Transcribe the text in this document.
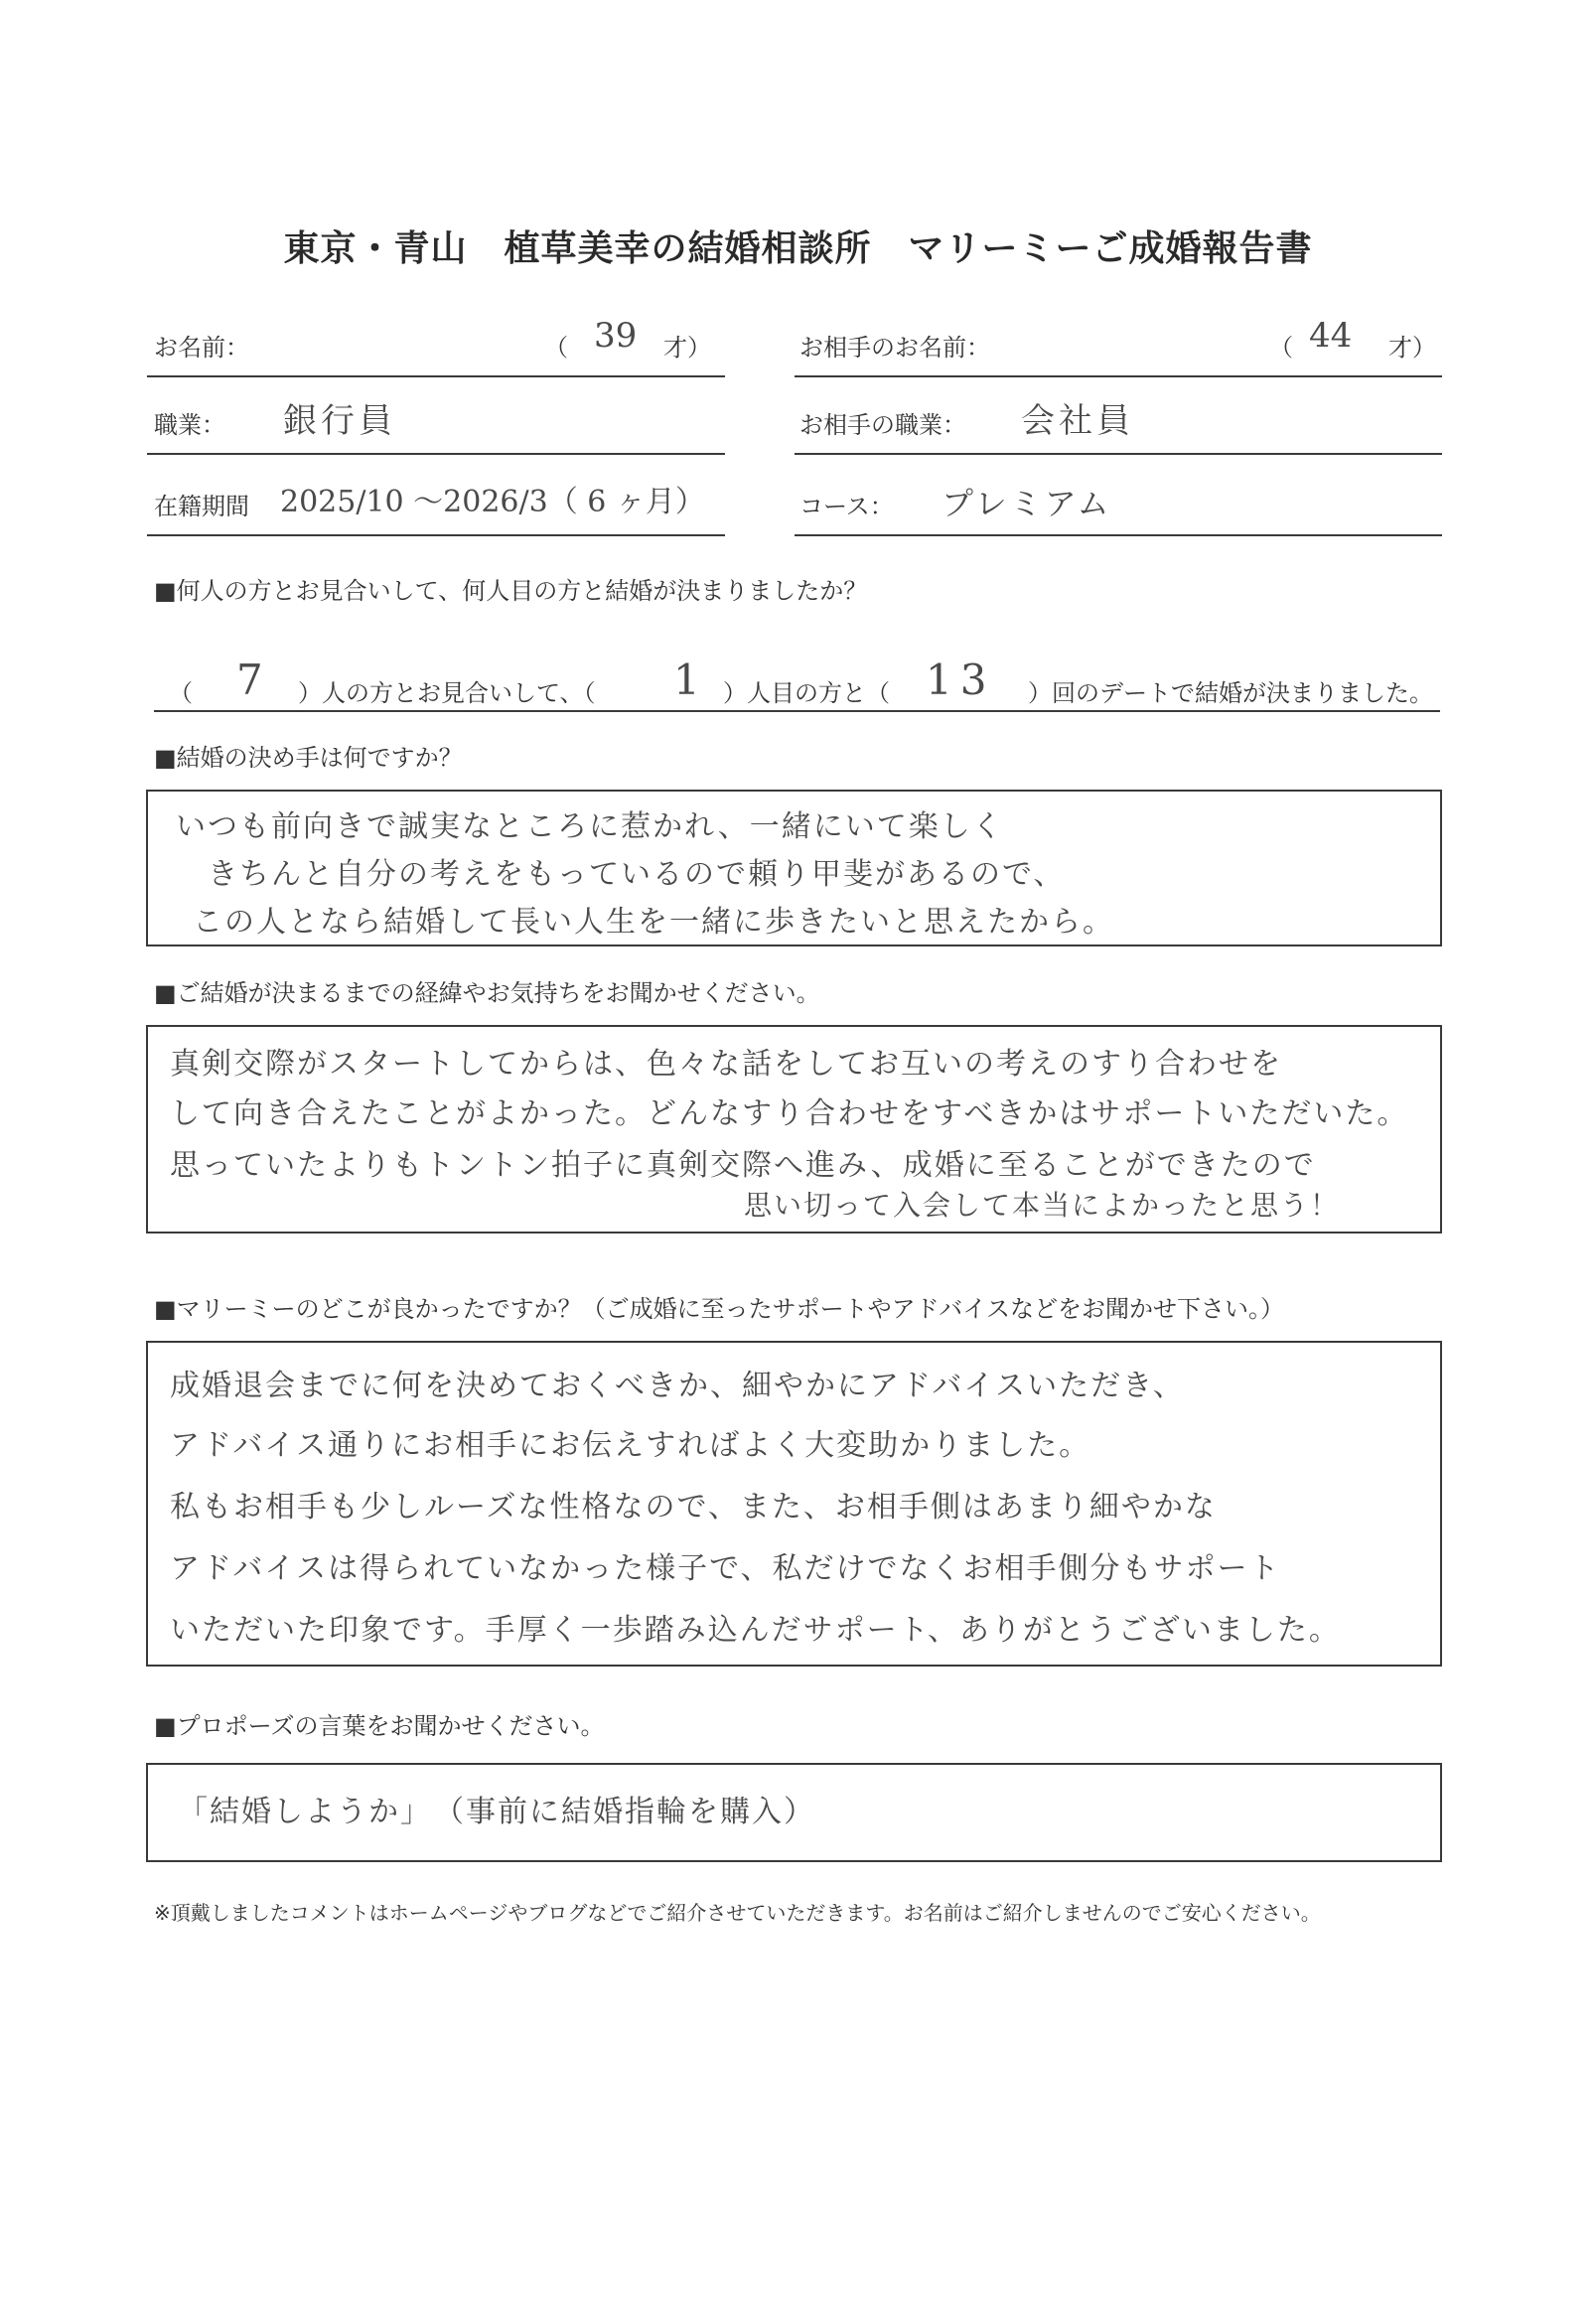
東京・青山　植草美幸の結婚相談所　マリーミーご成婚報告書
お名前：	（ 39 才）
職業： 銀行員
在籍期間 2025/10 〜2026/3（ 6 ヶ月）
お相手のお名前：	（ 44 才）
お相手の職業： 会社員
コース： プレミアム
■何人の方とお見合いして、何人目の方と結婚が決まりましたか？
（ 7 ）人の方とお見合いして、（ 1 ）人目の方と（ 13 ）回のデートで結婚が決まりました。
■結婚の決め手は何ですか？
いつも前向きで誠実なところに惹かれ、一緒にいて楽しく
きちんと自分の考えをもっているので頼り甲斐があるので、
この人となら結婚して長い人生を一緒に歩きたいと思えたから。
■ご結婚が決まるまでの経緯やお気持ちをお聞かせください。
真剣交際がスタートしてからは、色々な話をしてお互いの考えのすり合わせを
して向き合えたことがよかった。どんなすり合わせをすべきかはサポートいただいた。
思っていたよりもトントン拍子に真剣交際へ進み、成婚に至ることができたので
思い切って入会して本当によかったと思う！
■マリーミーのどこが良かったですか？（ご成婚に至ったサポートやアドバイスなどをお聞かせ下さい。）
成婚退会までに何を決めておくべきか、細やかにアドバイスいただき、
アドバイス通りにお相手にお伝えすればよく大変助かりました。
私もお相手も少しルーズな性格なので、また、お相手側はあまり細やかな
アドバイスは得られていなかった様子で、私だけでなくお相手側分もサポート
いただいた印象です。手厚く一歩踏み込んだサポート、ありがとうございました。
■プロポーズの言葉をお聞かせください。
「結婚しようか」　（事前に結婚指輪を購入）
※頂戴しましたコメントはホームページやブログなどでご紹介させていただきます。お名前はご紹介しませんのでご安心ください。
